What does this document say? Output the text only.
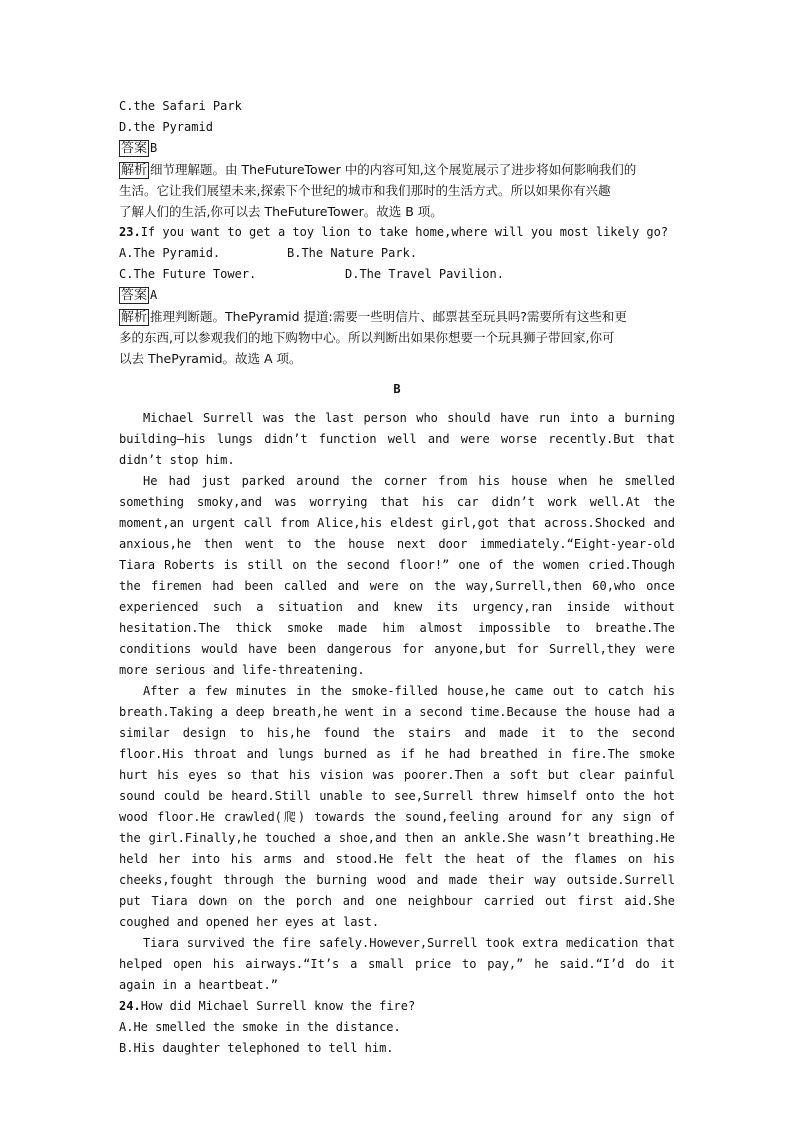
C.the Safari Park
D.the Pyramid
答案 B
解析 细节理解题。由 TheFutureTower 中的内容可知,这个展览展示了进步将如何影响我们的
生活。它让我们展望未来,探索下个世纪的城市和我们那时的生活方式。所以如果你有兴趣
了解人们的生活,你可以去 TheFutureTower。故选 B 项。
23.If you want to get a toy lion to take home,where will you most likely go?
A.The Pyramid.	B.The Nature Park.
C.The Future Tower.	D.The Travel Pavilion.
答案 A
解析 推理判断题。ThePyramid 提道:需要一些明信片、邮票甚至玩具吗?需要所有这些和更
多的东西,可以参观我们的地下购物中心。所以判断出如果你想要一个玩具狮子带回家,你可
以去 ThePyramid。故选 A 项。
B
Michael Surrell was the last person who should have run into a burning building—his lungs didn’t function well and were worse recently.But that didn’t stop him.
He had just parked around the corner from his house when he smelled something smoky,and was worrying that his car didn’t work well.At the moment,an urgent call from Alice,his eldest girl,got that across.Shocked and anxious,he then went to the house next door immediately.“Eight-year-old Tiara Roberts is still on the second floor!” one of the women cried.Though the firemen had been called and were on the way,Surrell,then 60,who once experienced such a situation and knew its urgency,ran inside without hesitation.The thick smoke made him almost impossible to breathe.The conditions would have been dangerous for anyone,but for Surrell,they were more serious and life-threatening.
After a few minutes in the smoke-filled house,he came out to catch his breath.Taking a deep breath,he went in a second time.Because the house had a similar design to his,he found the stairs and made it to the second floor.His throat and lungs burned as if he had breathed in fire.The smoke hurt his eyes so that his vision was poorer.Then a soft but clear painful sound could be heard.Still unable to see,Surrell threw himself onto the hot wood floor.He crawled(爬) towards the sound,feeling around for any sign of the girl.Finally,he touched a shoe,and then an ankle.She wasn’t breathing.He held her into his arms and stood.He felt the heat of the flames on his cheeks,fought through the burning wood and made their way outside.Surrell put Tiara down on the porch and one neighbour carried out first aid.She coughed and opened her eyes at last.
Tiara survived the fire safely.However,Surrell took extra medication that helped open his airways.“It’s a small price to pay,” he said.“I’d do it again in a heartbeat.”
24.How did Michael Surrell know the fire?
A.He smelled the smoke in the distance.
B.His daughter telephoned to tell him.
